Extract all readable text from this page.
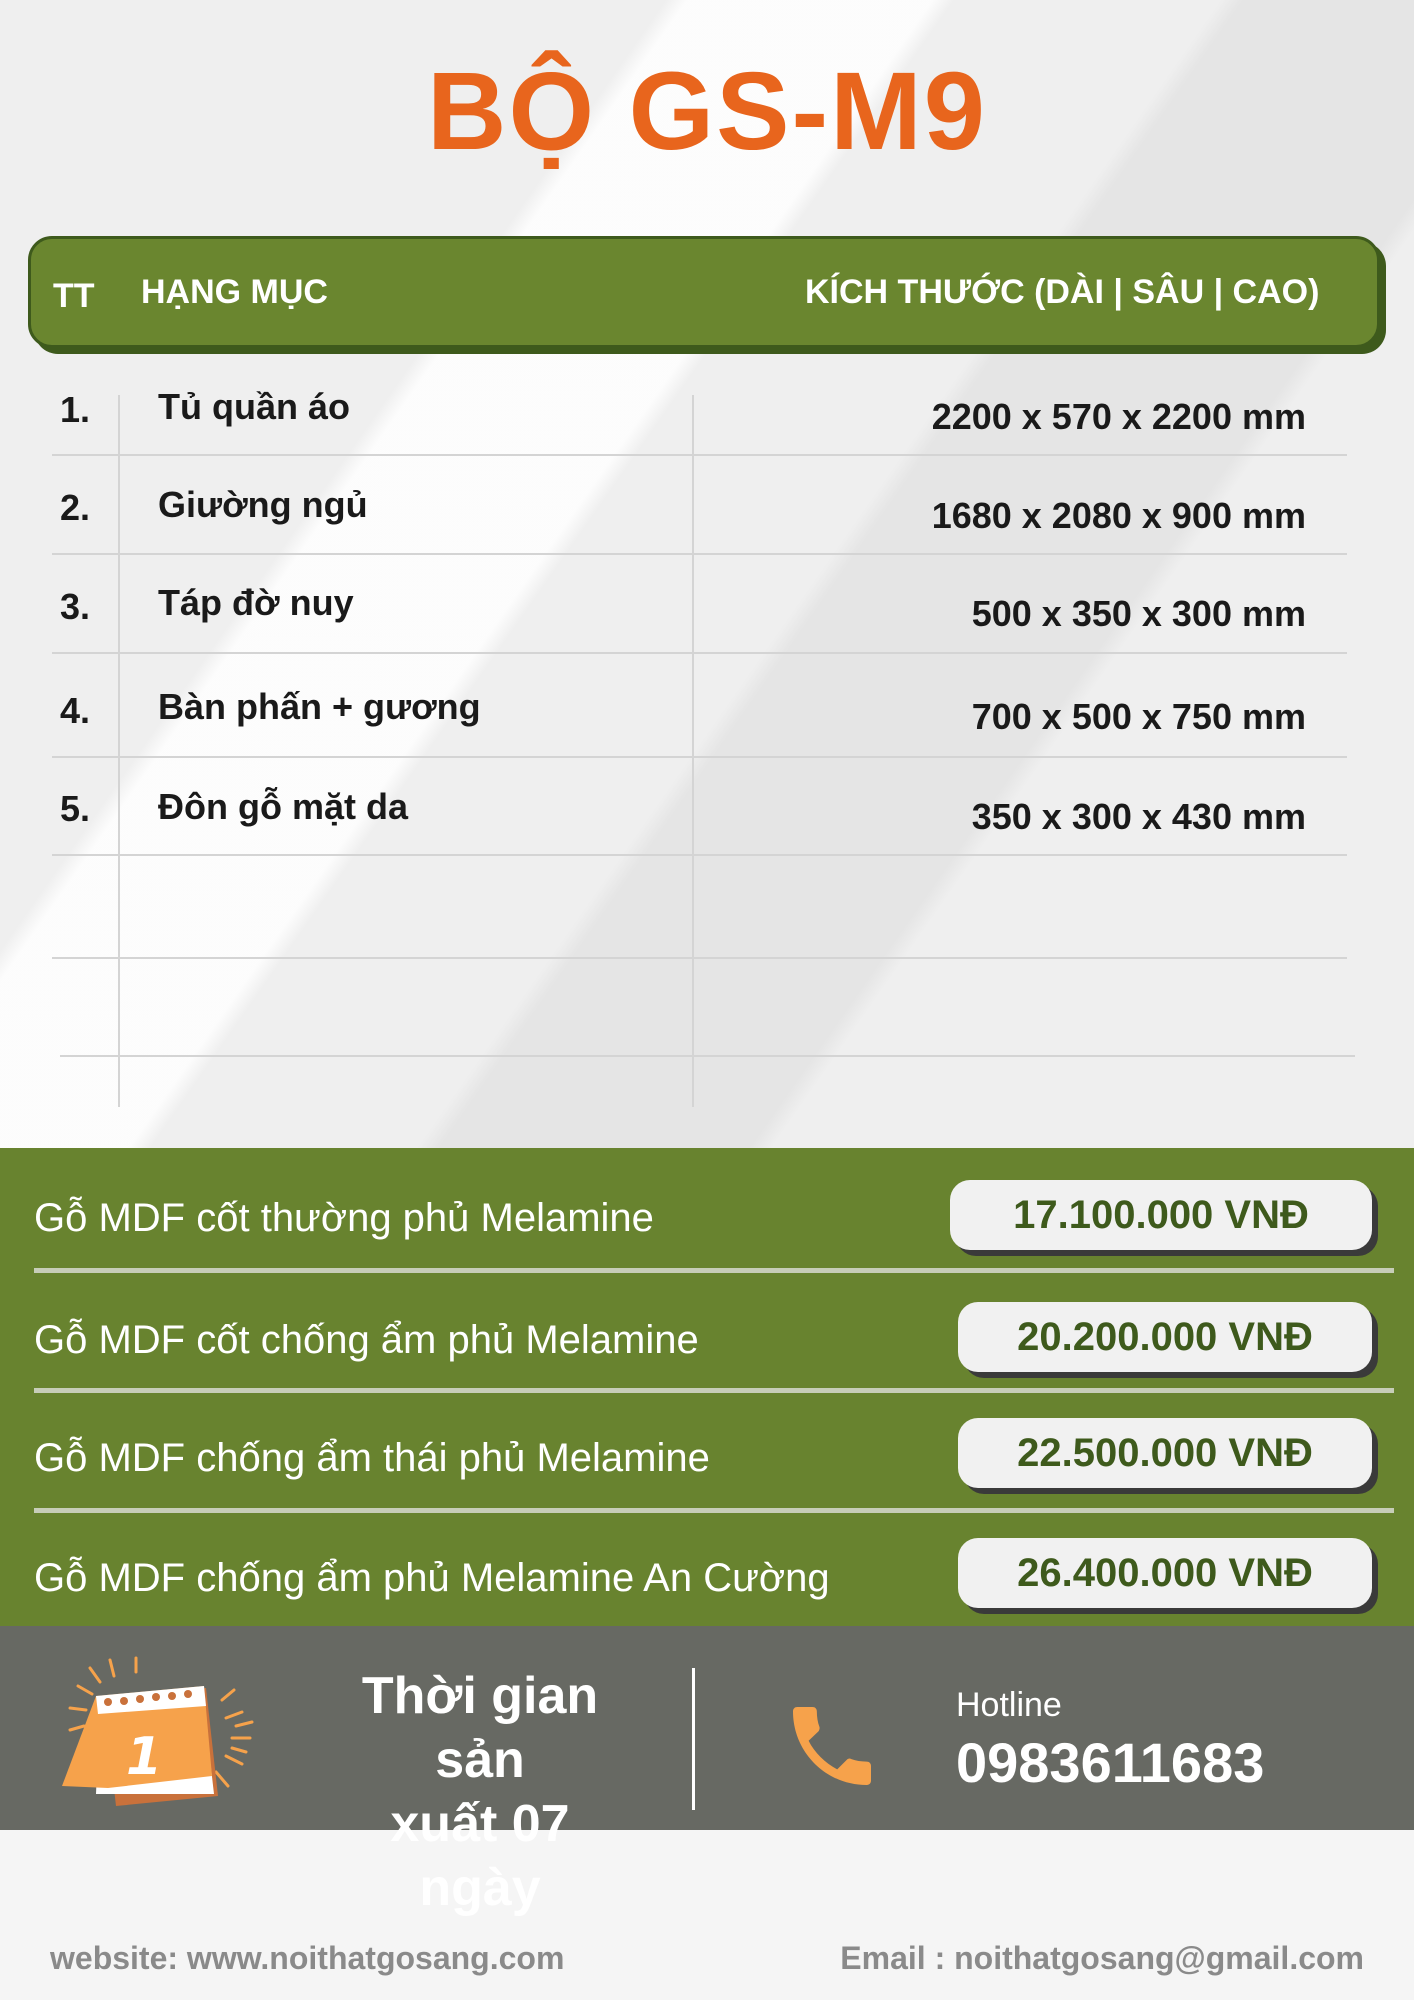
BỘ GS-M9
TT HẠNG MỤC	KÍCH THƯỚC (DÀI | SÂU | CAO)
1. Tủ quần áo	2200 x 570 x 2200 mm
2. Giường ngủ	1680 x 2080 x 900 mm
3. Táp đờ nuy	500 x 350 x 300 mm
4. Bàn phấn + gương	700 x 500 x 750 mm
5. Đôn gỗ mặt da	350 x 300 x 430 mm
Gỗ MDF cốt thường phủ Melamine	17.100.000 VNĐ
Gỗ MDF cốt chống ẩm phủ Melamine	20.200.000 VNĐ
Gỗ MDF chống ẩm thái phủ Melamine	22.500.000 VNĐ
Gỗ MDF chống ẩm phủ Melamine An Cường	26.400.000 VNĐ
1
Thời gian sản
xuất 07 ngày
Hotline
0983611683
website: www.noithatgosang.com	Email : noithatgosang@gmail.com
